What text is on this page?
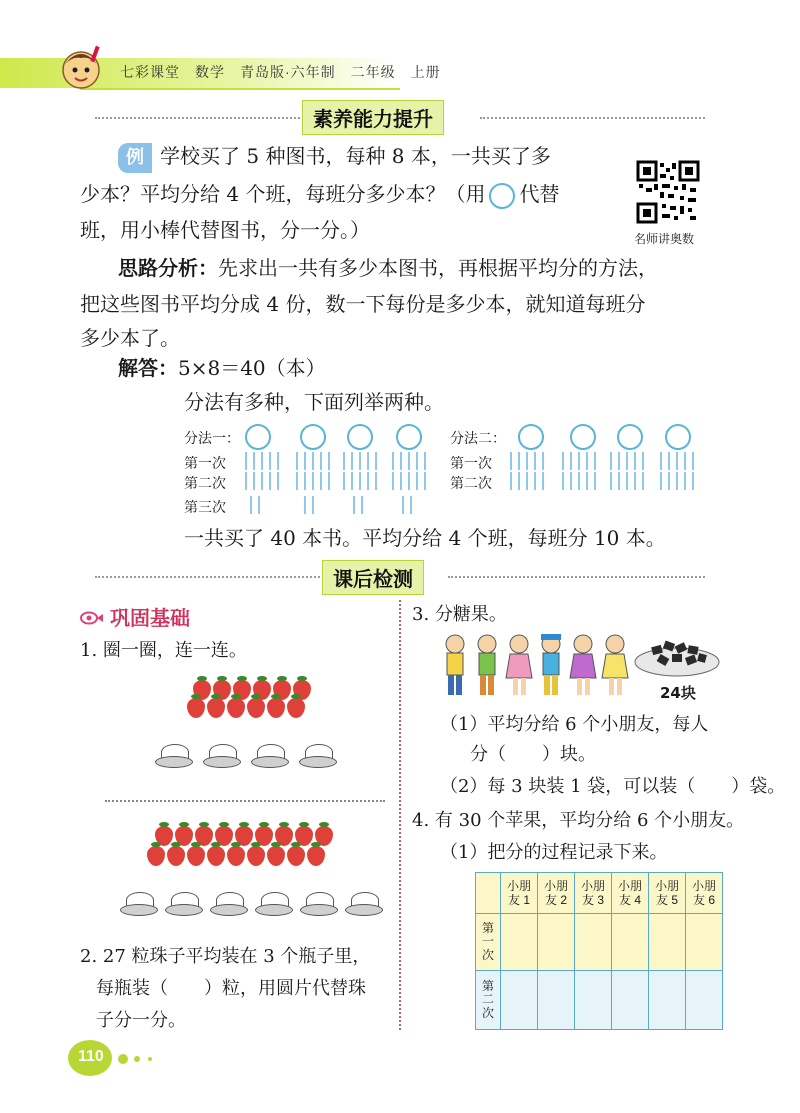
七彩课堂　数学　青岛版·六年制　二年级　上册
素养能力提升
例 学校买了 5 种图书，每种 8 本，一共买了多
少本？平均分给 4 个班，每班分多少本？（用 代替
班，用小棒代替图书，分一分。）	名师讲奥数
思路分析：先求出一共有多少本图书，再根据平均分的方法，
把这些图书平均分成 4 份，数一下每份是多少本，就知道每班分
多少本了。
解答：5×8＝40（本）
分法有多种，下面列举两种。
分法一：
第一次
第二次
第三次
分法二：
第一次
第二次
一共买了 40 本书。平均分给 4 个班，每班分 10 本。
课后检测
巩固基础
1. 圈一圈，连一连。
2. 27 粒珠子平均装在 3 个瓶子里，
每瓶装（　　）粒，用圆片代替珠
子分一分。
3. 分糖果。
24块
（1）平均分给 6 个小朋友，每人
分（　　）块。
（2）每 3 块装 1 袋，可以装（　　）袋。
4. 有 30 个苹果，平均分给 6 个小朋友。
（1）把分的过程记录下来。
	小朋友 1	小朋友 2	小朋友 3	小朋友 4	小朋友 5	小朋友 6
第一次						
第二次						
110
